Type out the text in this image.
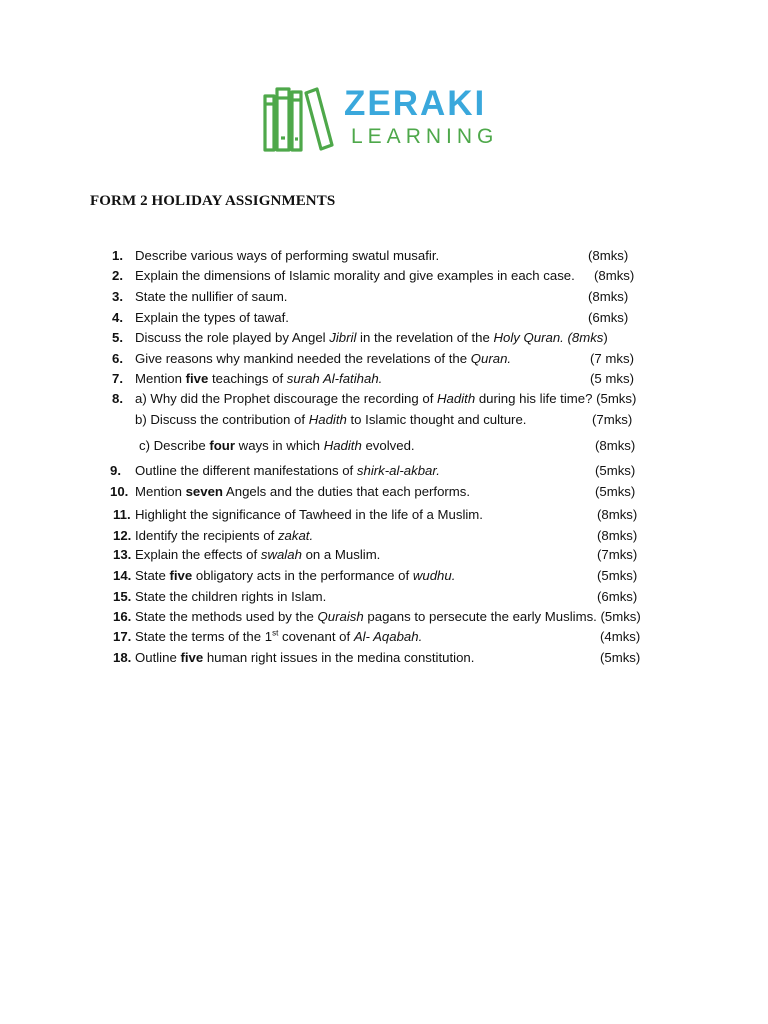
ZERAKI
LEARNING
FORM 2 HOLIDAY ASSIGNMENTS
1. Describe various ways of performing swatul musafir.	(8mks)
2. Explain the dimensions of Islamic morality and give examples in each case. (8mks)
3. State the nullifier of saum.	(8mks)
4. Explain the types of tawaf.	(6mks)
5. Discuss the role played by Angel Jibril in the revelation of the Holy Quran. (8mks)
6. Give reasons why mankind needed the revelations of the Quran.	(7 mks)
7. Mention five teachings of surah Al-fatihah.	(5 mks)
8. a) Why did the Prophet discourage the recording of Hadith during his life time? (5mks)
b) Discuss the contribution of Hadith to Islamic thought and culture.	(7mks)
c) Describe four ways in which Hadith evolved.	(8mks)
9. Outline the different manifestations of shirk-al-akbar.	(5mks)
10. Mention seven Angels and the duties that each performs.	(5mks)
11. Highlight the significance of Tawheed in the life of a Muslim.	(8mks)
12. Identify the recipients of zakat.	(8mks)
13. Explain the effects of swalah on a Muslim.	(7mks)
14. State five obligatory acts in the performance of wudhu.	(5mks)
15. State the children rights in Islam.	(6mks)
16. State the methods used by the Quraish pagans to persecute the early Muslims. (5mks)
17. State the terms of the 1st covenant of Al- Aqabah.	(4mks)
18. Outline five human right issues in the medina constitution.	(5mks)
